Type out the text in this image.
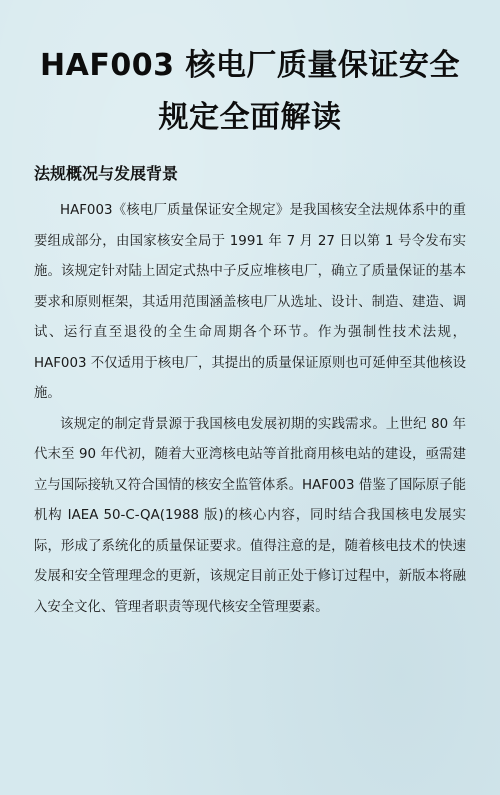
HAF003 核电厂质量保证安全
规定全面解读
法规概况与发展背景

HAF003《核电厂质量保证安全规定》是我国核安全法规体系中的重要组成部分，由国家核安全局于 1991 年 7 月 27 日以第 1 号令发布实施。该规定针对陆上固定式热中子反应堆核电厂，确立了质量保证的基本要求和原则框架，其适用范围涵盖核电厂从选址、设计、制造、建造、调试、运行直至退役的全生命周期各个环节。作为强制性技术法规，HAF003 不仅适用于核电厂，其提出的质量保证原则也可延伸至其他核设施。

该规定的制定背景源于我国核电发展初期的实践需求。上世纪 80 年代末至 90 年代初，随着大亚湾核电站等首批商用核电站的建设，亟需建立与国际接轨又符合国情的核安全监管体系。HAF003 借鉴了国际原子能机构 IAEA 50-C-QA(1988 版)的核心内容，同时结合我国核电发展实际，形成了系统化的质量保证要求。值得注意的是，随着核电技术的快速发展和安全管理理念的更新，该规定目前正处于修订过程中，新版本将融入安全文化、管理者职责等现代核安全管理要素。
